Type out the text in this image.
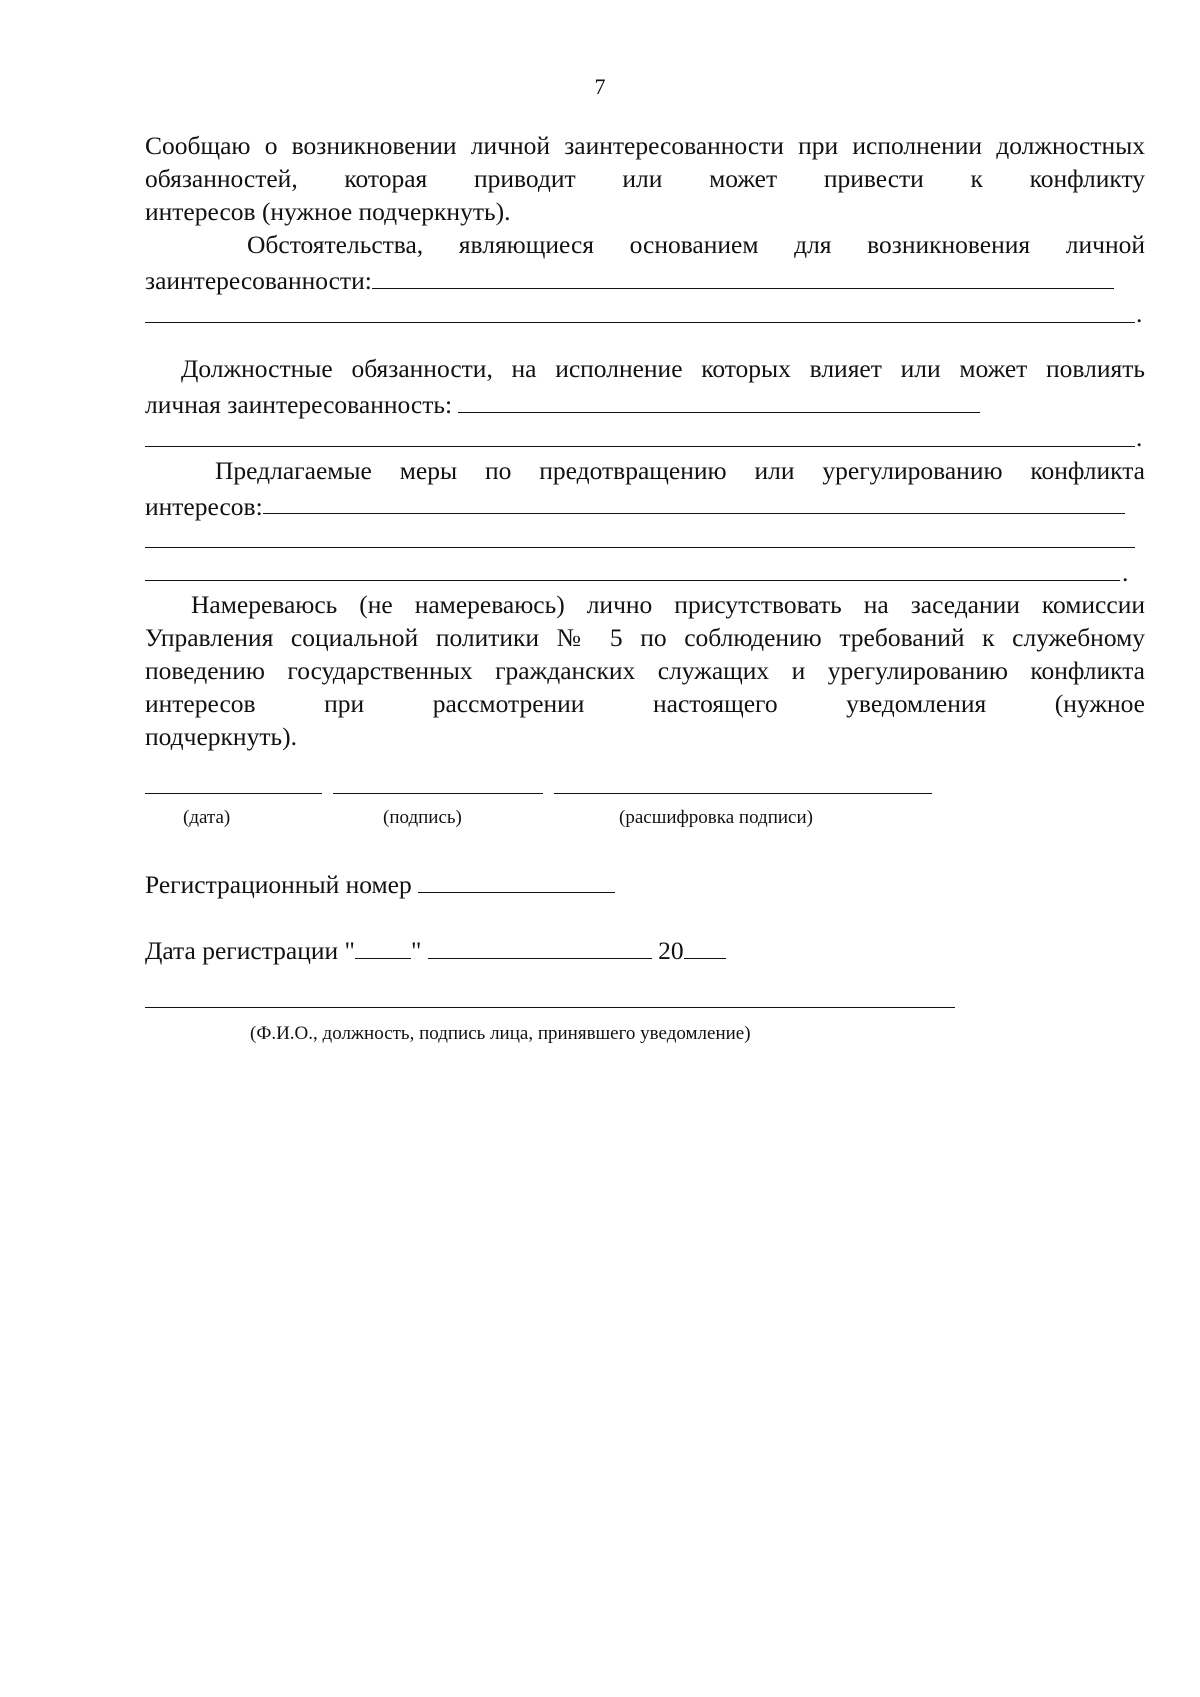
7

Сообщаю о возникновении личной заинтересованности при исполнении должностных обязанностей, которая приводит или может привести к конфликту

интересов (нужное подчеркнуть).

Обстоятельства, являющиеся основанием для возникновения личной

заинтересованности:

.

Должностные обязанности, на исполнение которых влияет или может повлиять

личная заинтересованность:

.

Предлагаемые меры по предотвращению или урегулированию конфликта

интересов:

.

Намереваюсь (не намереваюсь) лично присутствовать на заседании комиссии Управления социальной политики № 5 по соблюдению требований к служебному поведению государственных гражданских служащих и урегулированию конфликта интересов при рассмотрении настоящего уведомления (нужное

подчеркнуть).

(дата)	(подпись)	(расшифровка подписи)
Регистрационный номер
Дата регистрации " "	20
(Ф.И.О., должность, подпись лица, принявшего уведомление)
